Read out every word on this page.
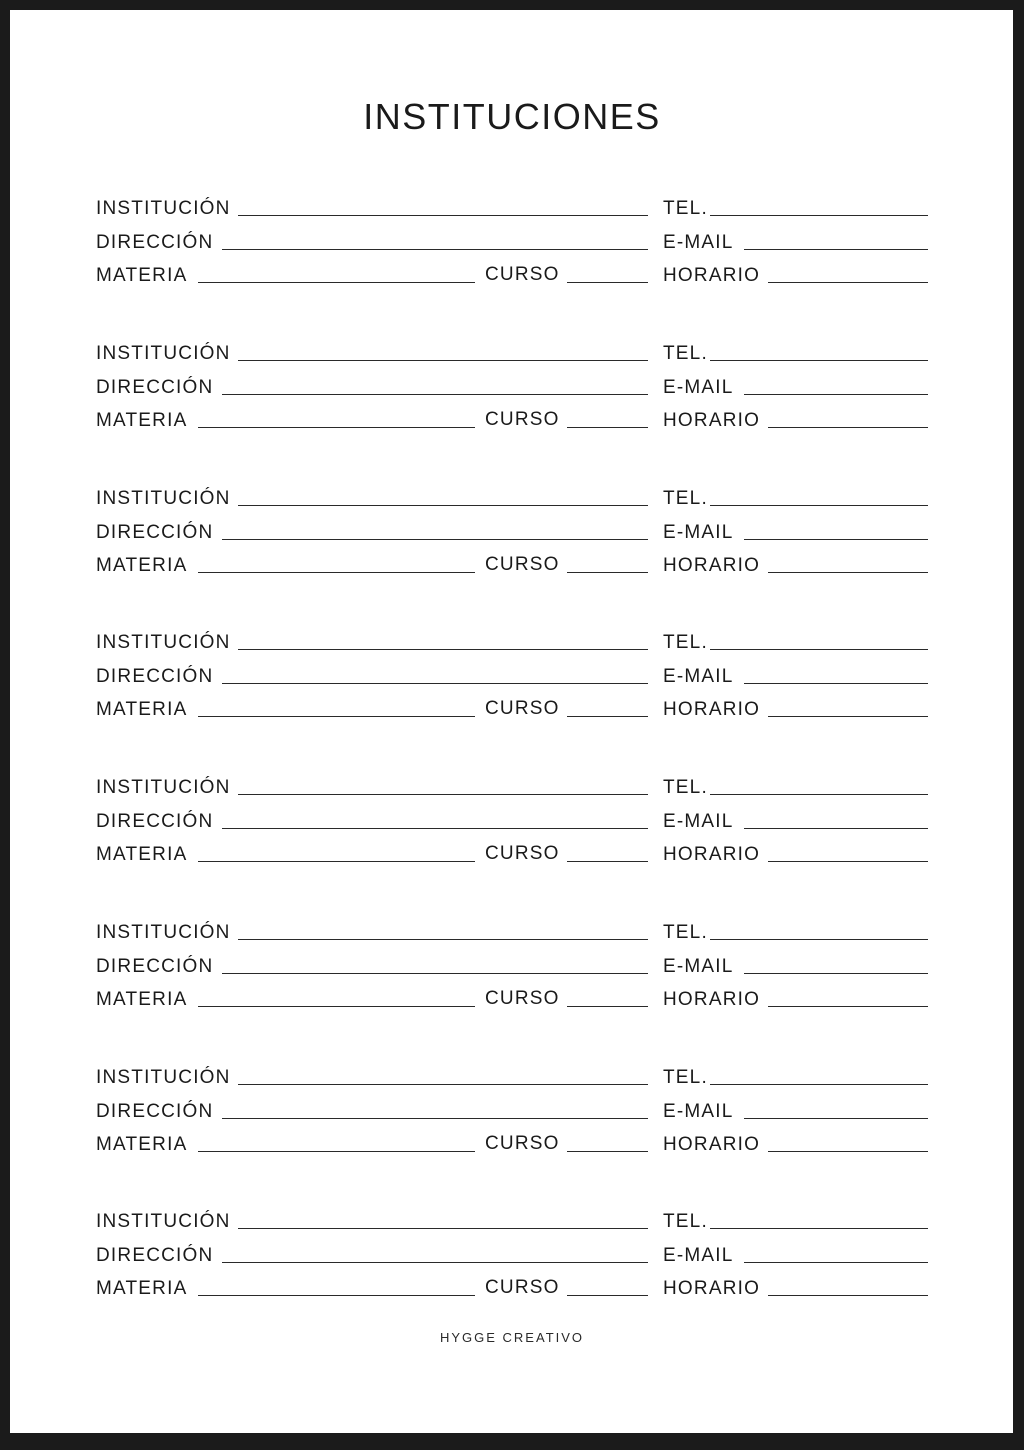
INSTITUCIONES
INSTITUCIÓN	TEL.
DIRECCIÓN	E-MAIL
MATERIA	CURSO	HORARIO
INSTITUCIÓN	TEL.
DIRECCIÓN	E-MAIL
MATERIA	CURSO	HORARIO
INSTITUCIÓN	TEL.
DIRECCIÓN	E-MAIL
MATERIA	CURSO	HORARIO
INSTITUCIÓN	TEL.
DIRECCIÓN	E-MAIL
MATERIA	CURSO	HORARIO
INSTITUCIÓN	TEL.
DIRECCIÓN	E-MAIL
MATERIA	CURSO	HORARIO
INSTITUCIÓN	TEL.
DIRECCIÓN	E-MAIL
MATERIA	CURSO	HORARIO
INSTITUCIÓN	TEL.
DIRECCIÓN	E-MAIL
MATERIA	CURSO	HORARIO
INSTITUCIÓN	TEL.
DIRECCIÓN	E-MAIL
MATERIA	CURSO	HORARIO
HYGGE CREATIVO
